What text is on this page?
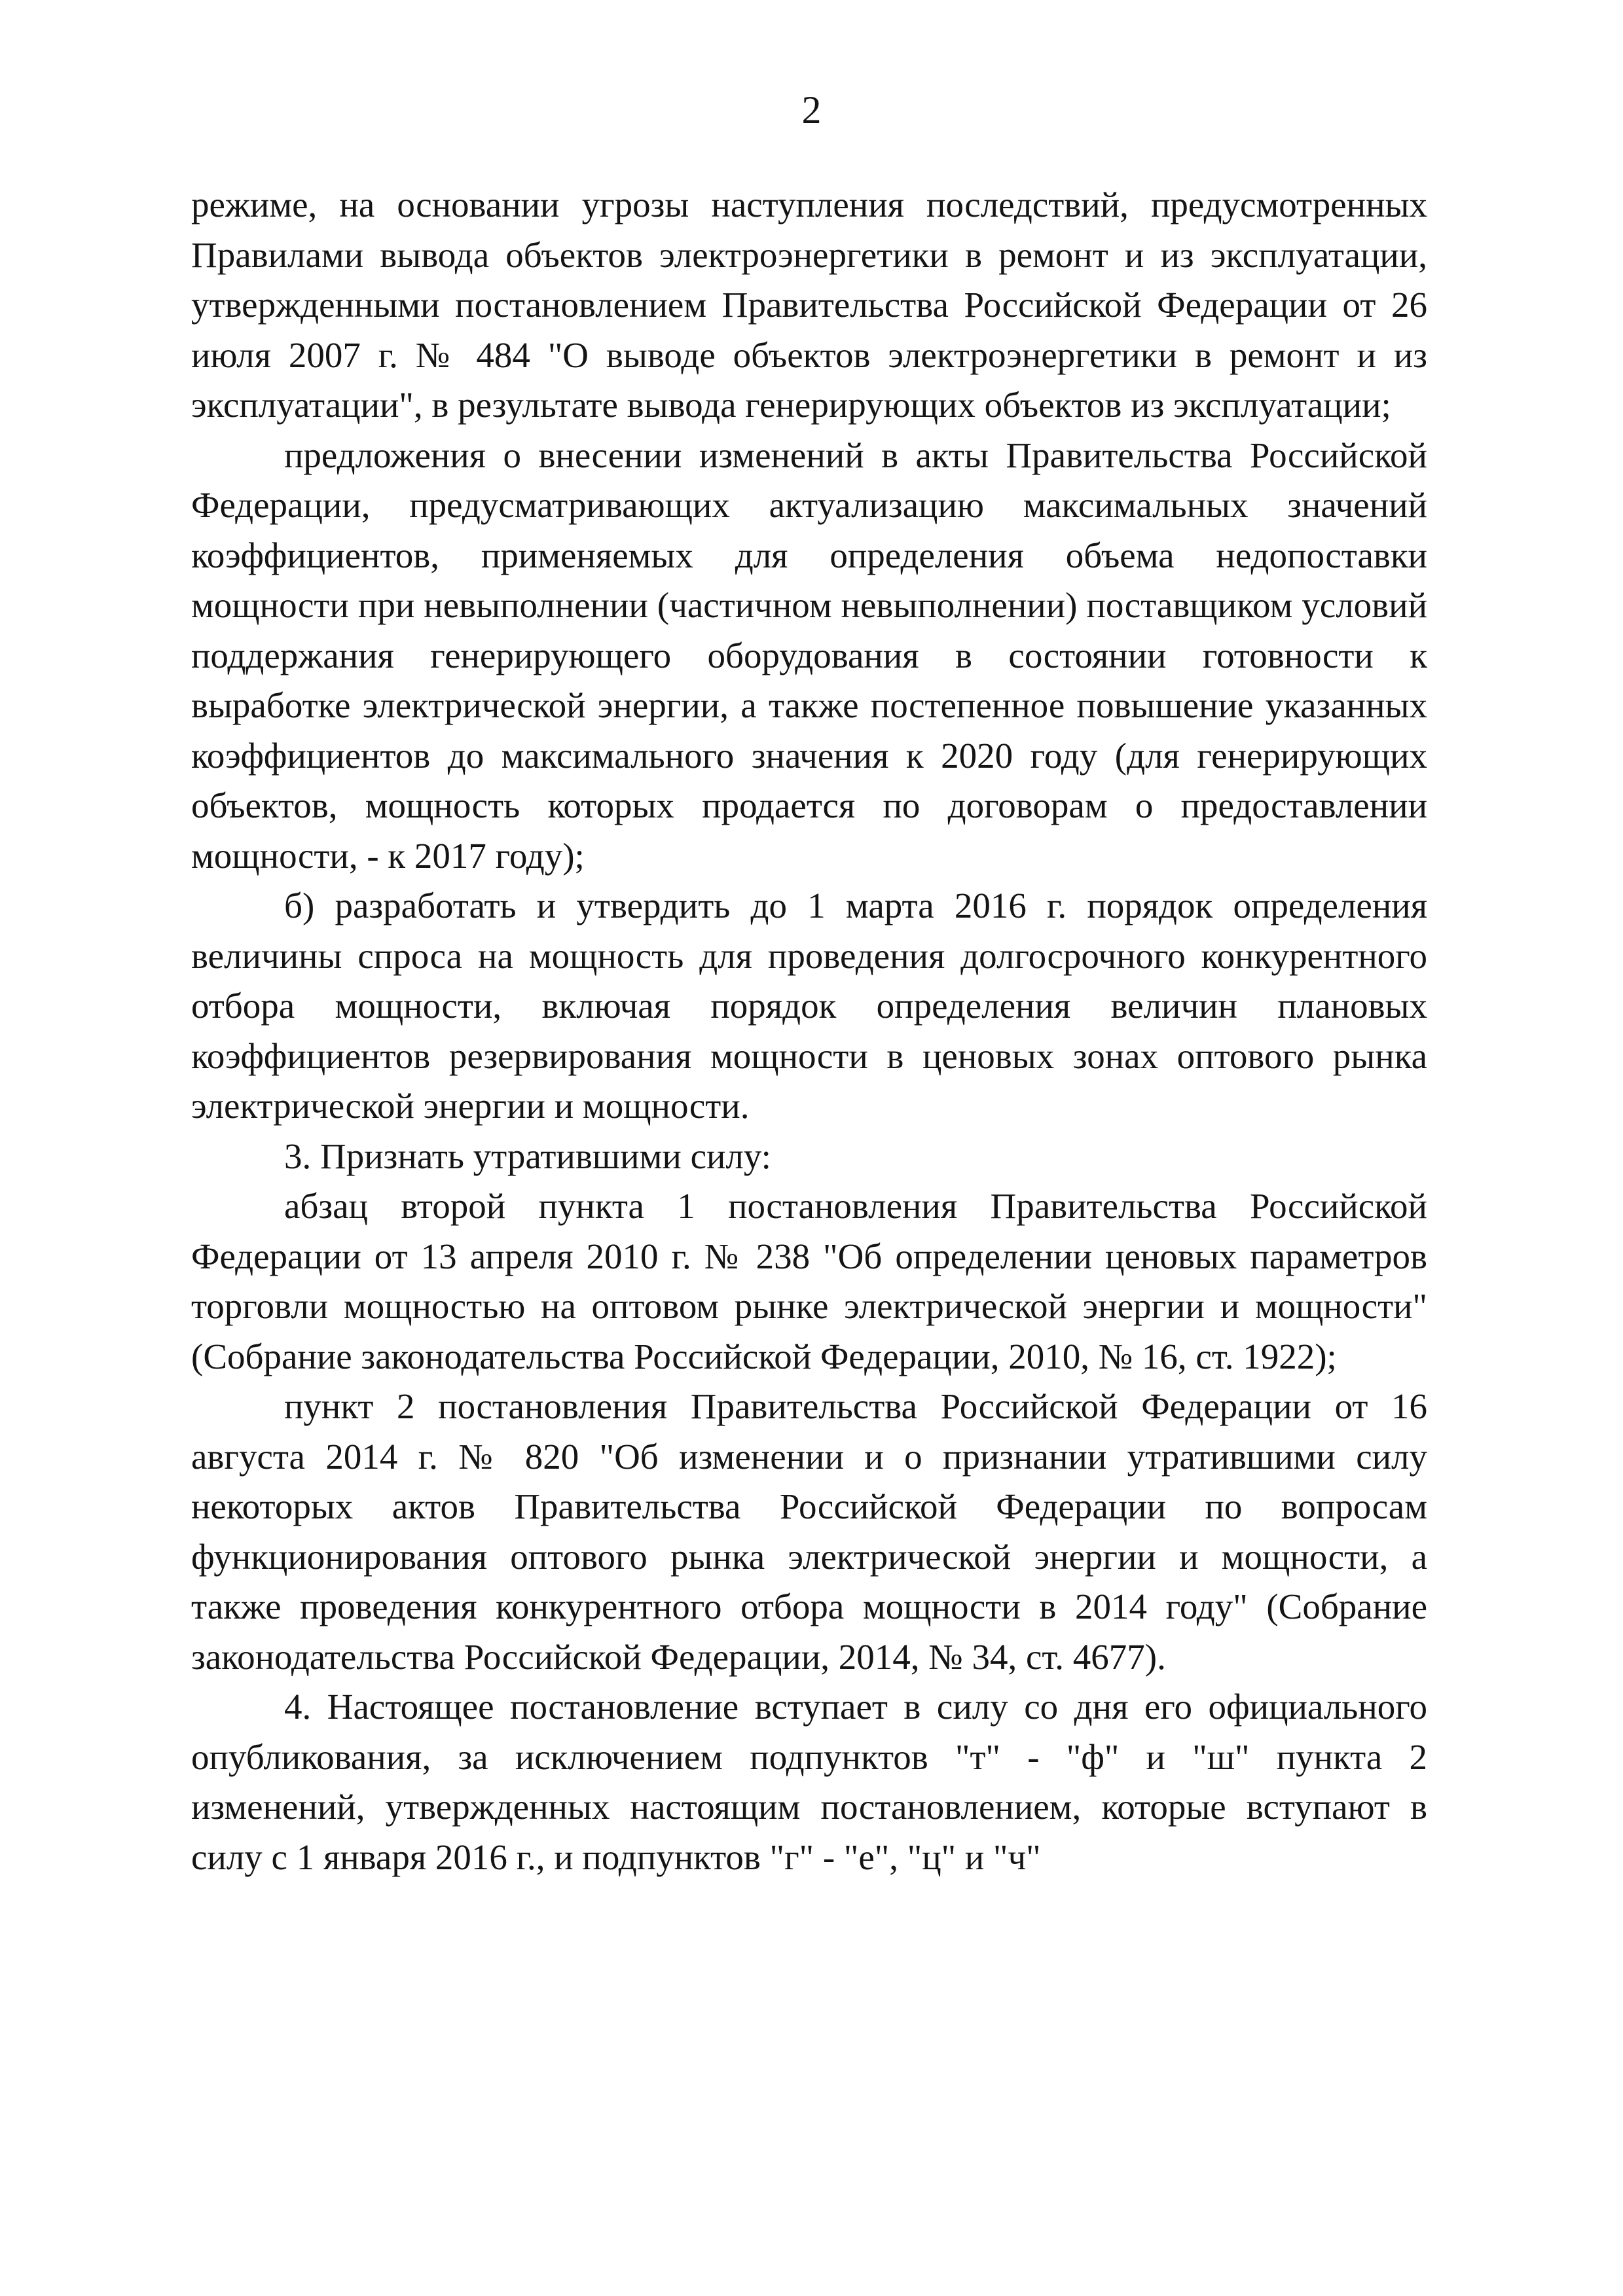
2

режиме, на основании угрозы наступления последствий, предусмотренных Правилами вывода объектов электроэнергетики в ремонт и из эксплуатации, утвержденными постановлением Правительства Российской Федерации от 26 июля 2007 г. № 484 "О выводе объектов электроэнергетики в ремонт и из эксплуатации", в результате вывода генерирующих объектов из эксплуатации;

предложения о внесении изменений в акты Правительства Российской Федерации, предусматривающих актуализацию максимальных значений коэффициентов, применяемых для определения объема недопоставки мощности при невыполнении (частичном невыполнении) поставщиком условий поддержания генерирующего оборудования в состоянии готовности к выработке электрической энергии, а также постепенное повышение указанных коэффициентов до максимального значения к 2020 году (для генерирующих объектов, мощность которых продается по договорам о предоставлении мощности, - к 2017 году);

б) разработать и утвердить до 1 марта 2016 г. порядок определения величины спроса на мощность для проведения долгосрочного конкурентного отбора мощности, включая порядок определения величин плановых коэффициентов резервирования мощности в ценовых зонах оптового рынка электрической энергии и мощности.

3. Признать утратившими силу:

абзац второй пункта 1 постановления Правительства Российской Федерации от 13 апреля 2010 г. № 238 "Об определении ценовых параметров торговли мощностью на оптовом рынке электрической энергии и мощности" (Собрание законодательства Российской Федерации, 2010, № 16, ст. 1922);

пункт 2 постановления Правительства Российской Федерации от 16 августа 2014 г. № 820 "Об изменении и о признании утратившими силу некоторых актов Правительства Российской Федерации по вопросам функционирования оптового рынка электрической энергии и мощности, а также проведения конкурентного отбора мощности в 2014 году" (Собрание законодательства Российской Федерации, 2014, № 34, ст. 4677).

4. Настоящее постановление вступает в силу со дня его официального опубликования, за исключением подпунктов "т" - "ф" и "ш" пункта 2 изменений, утвержденных настоящим постановлением, которые вступают в силу с 1 января 2016 г., и подпунктов "г" - "е", "ц" и "ч"
